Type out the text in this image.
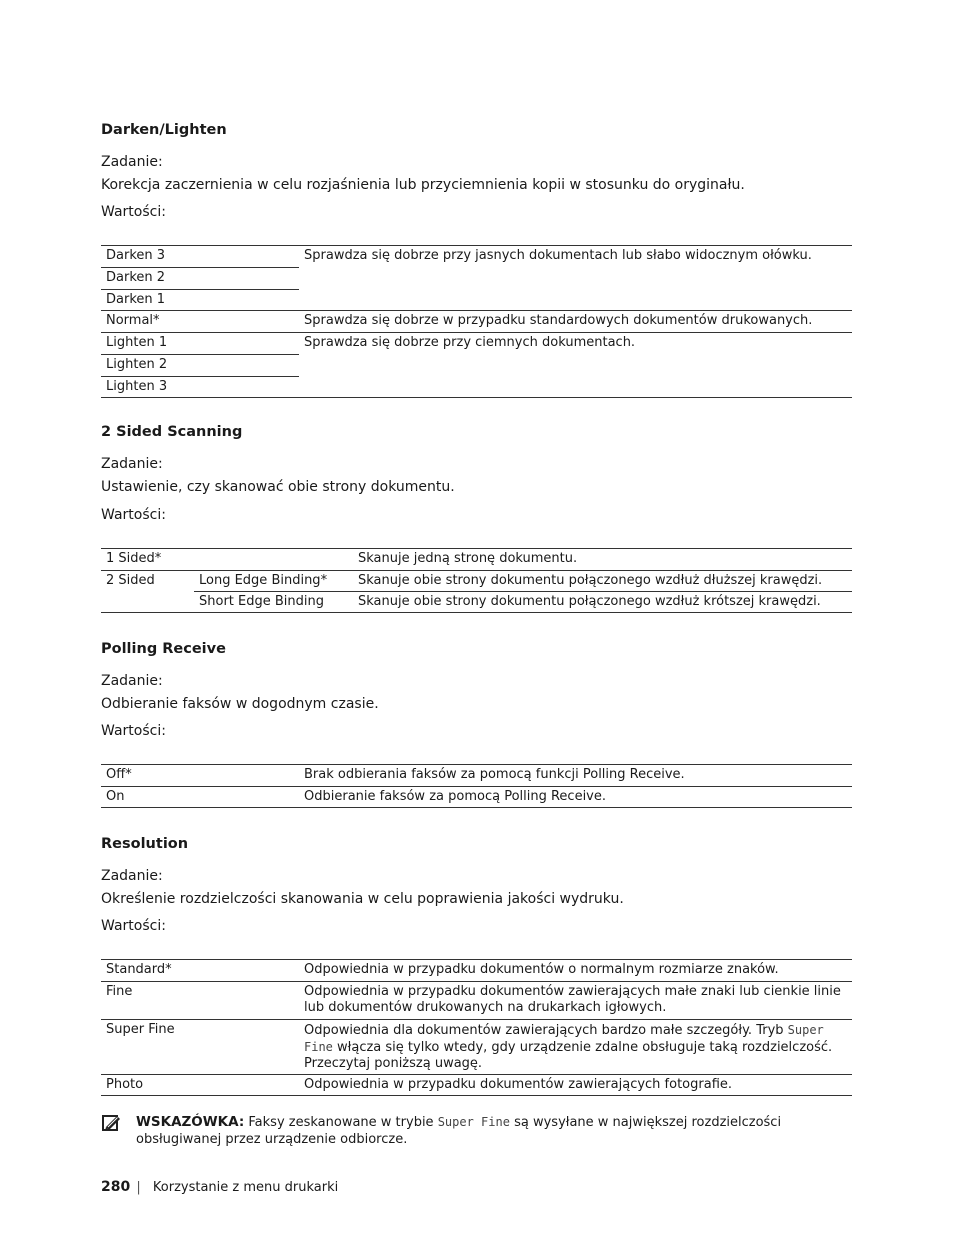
Darken/Lighten

Zadanie:

Korekcja zaczernienia w celu rozjaśnienia lub przyciemnienia kopii w stosunku do oryginału.

Wartości:

Darken 3	Sprawdza się dobrze przy jasnych dokumentach lub słabo widocznym ołówku.
Darken 2	
Darken 1	
Normal*	Sprawdza się dobrze w przypadku standardowych dokumentów drukowanych.
Lighten 1	Sprawdza się dobrze przy ciemnych dokumentach.
Lighten 2	
Lighten 3	
2 Sided Scanning

Zadanie:

Ustawienie, czy skanować obie strony dokumentu.

Wartości:

1 Sided*		Skanuje jedną stronę dokumentu.
2 Sided	Long Edge Binding*	Skanuje obie strony dokumentu połączonego wzdłuż dłuższej krawędzi.
	Short Edge Binding	Skanuje obie strony dokumentu połączonego wzdłuż krótszej krawędzi.
Polling Receive

Zadanie:

Odbieranie faksów w dogodnym czasie.

Wartości:

Off*	Brak odbierania faksów za pomocą funkcji Polling Receive.
On	Odbieranie faksów za pomocą Polling Receive.
Resolution

Zadanie:

Określenie rozdzielczości skanowania w celu poprawienia jakości wydruku.

Wartości:

Standard*	Odpowiednia w przypadku dokumentów o normalnym rozmiarze znaków.
Fine	Odpowiednia w przypadku dokumentów zawierających małe znaki lub cienkie linie lub dokumentów drukowanych na drukarkach igłowych.
Super Fine	Odpowiednia dla dokumentów zawierających bardzo małe szczegóły. Tryb Super Fine włącza się tylko wtedy, gdy urządzenie zdalne obsługuje taką rozdzielczość. Przeczytaj poniższą uwagę.
Photo	Odpowiednia w przypadku dokumentów zawierających fotografie.

WSKAZÓWKA: Faksy zeskanowane w trybie Super Fine są wysyłane w największej rozdzielczości obsługiwanej przez urządzenie odbiorcze.

280 | Korzystanie z menu drukarki
